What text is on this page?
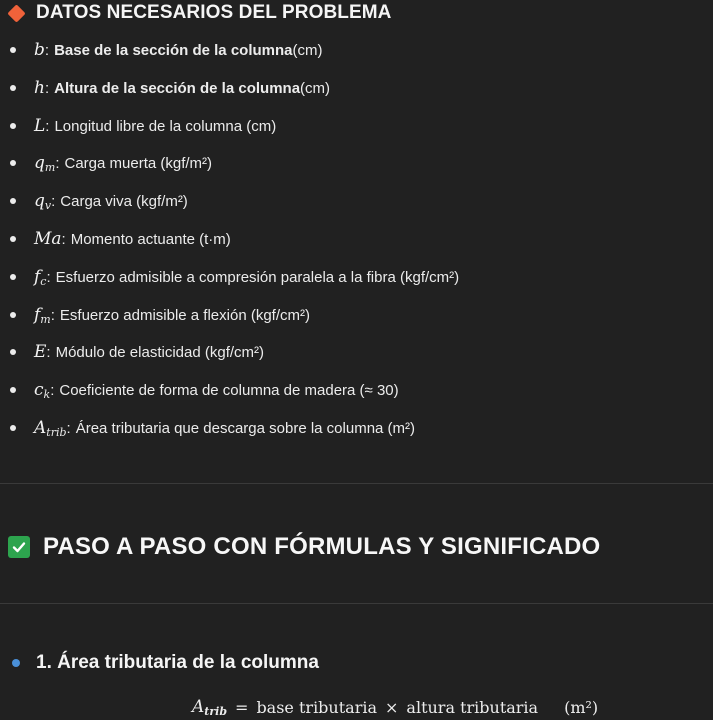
DATOS NECESARIOS DEL PROBLEMA
b : Base de la sección de la columna (cm)
h : Altura de la sección de la columna (cm)
L : Longitud libre de la columna (cm)
q m : Carga muerta (kgf/m²)
q v : Carga viva (kgf/m²)
Ma : Momento actuante (t·m)
f c : Esfuerzo admisible a compresión paralela a la fibra (kgf/cm²)
f m : Esfuerzo admisible a flexión (kgf/cm²)
E : Módulo de elasticidad (kgf/cm²)
c k : Coeficiente de forma de columna de madera (≈ 30)
A trib : Área tributaria que descarga sobre la columna (m²)
PASO A PASO CON FÓRMULAS Y SIGNIFICADO
1. Área tributaria de la columna
A trib = base tributaria × altura tributaria (m²)
